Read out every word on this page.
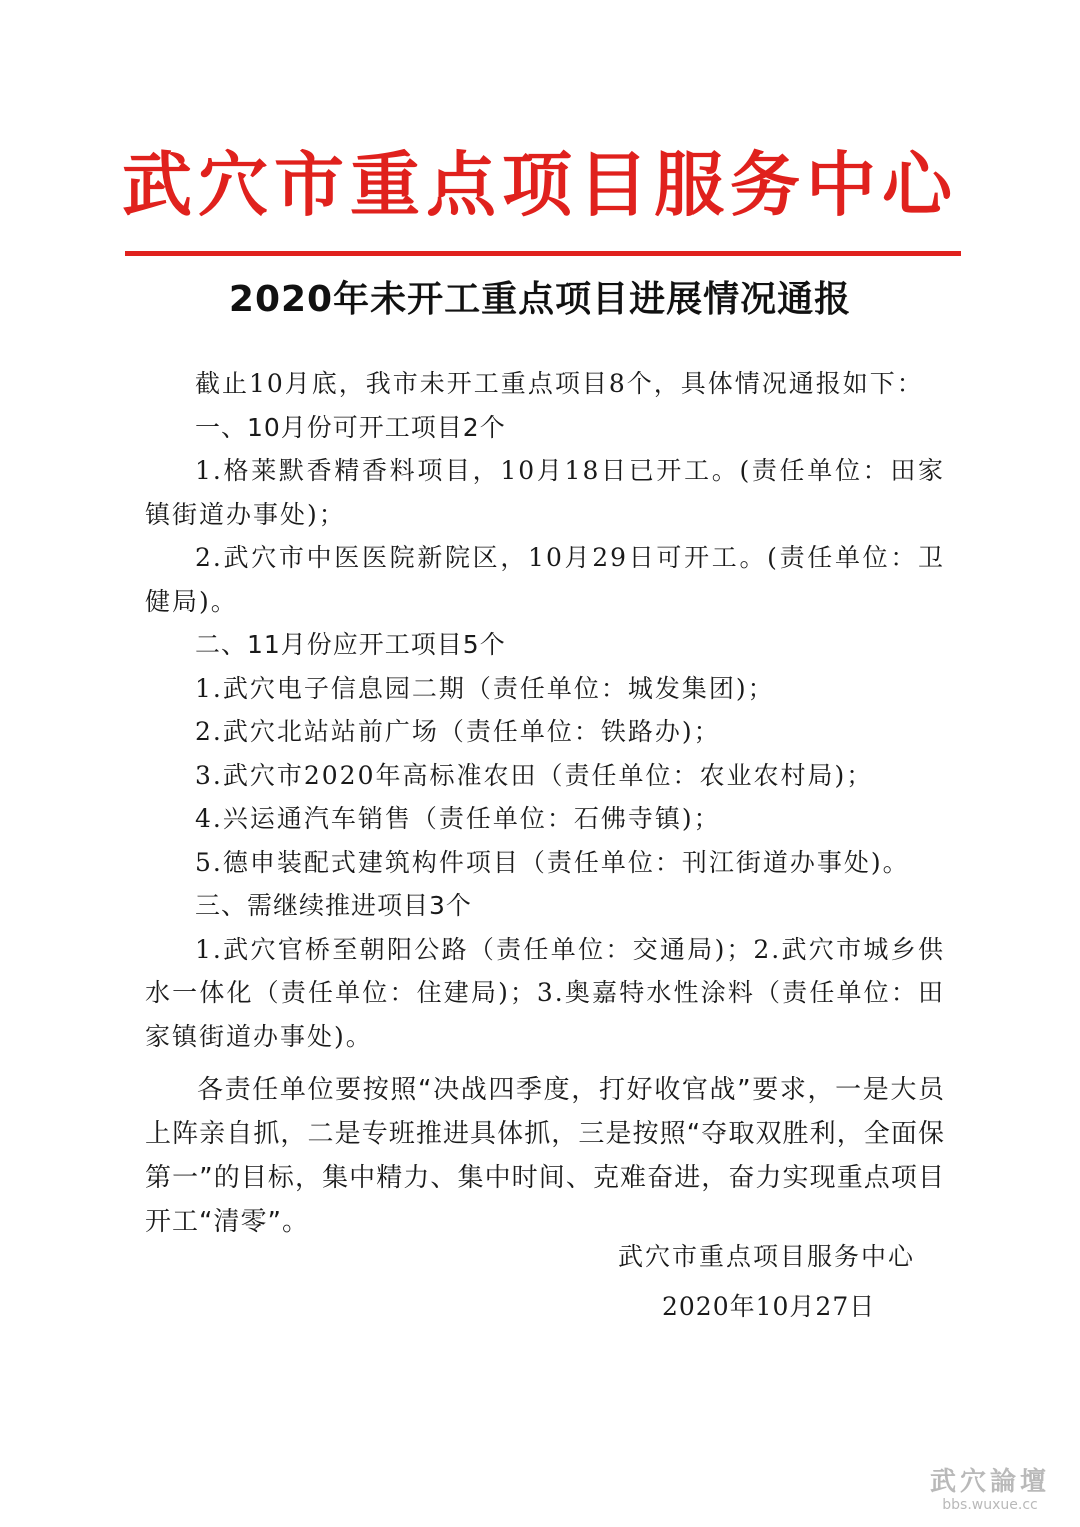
武穴市重点项目服务中心
2020年未开工重点项目进展情况通报

截止10月底，我市未开工重点项目8个，具体情况通报如下：

一、10月份可开工项目2个

1.格莱默香精香料项目，10月18日已开工。(责任单位：田家镇街道办事处)；

2.武穴市中医医院新院区，10月29日可开工。(责任单位：卫健局)。

二、11月份应开工项目5个

1.武穴电子信息园二期（责任单位：城发集团)；

2.武穴北站站前广场（责任单位：铁路办)；

3.武穴市2020年高标准农田（责任单位：农业农村局)；

4.兴运通汽车销售（责任单位：石佛寺镇)；

5.德申装配式建筑构件项目（责任单位：刊江街道办事处)。

三、需继续推进项目3个

1.武穴官桥至朝阳公路（责任单位：交通局)；2.武穴市城乡供水一体化（责任单位：住建局)；3.奥嘉特水性涂料（责任单位：田家镇街道办事处)。

各责任单位要按照“决战四季度，打好收官战”要求，一是大员上阵亲自抓，二是专班推进具体抓，三是按照“夺取双胜利，全面保第一”的目标，集中精力、集中时间、克难奋进，奋力实现重点项目开工“清零”。

武穴市重点项目服务中心
2020年10月27日
武穴論壇
bbs.wuxue.cc
